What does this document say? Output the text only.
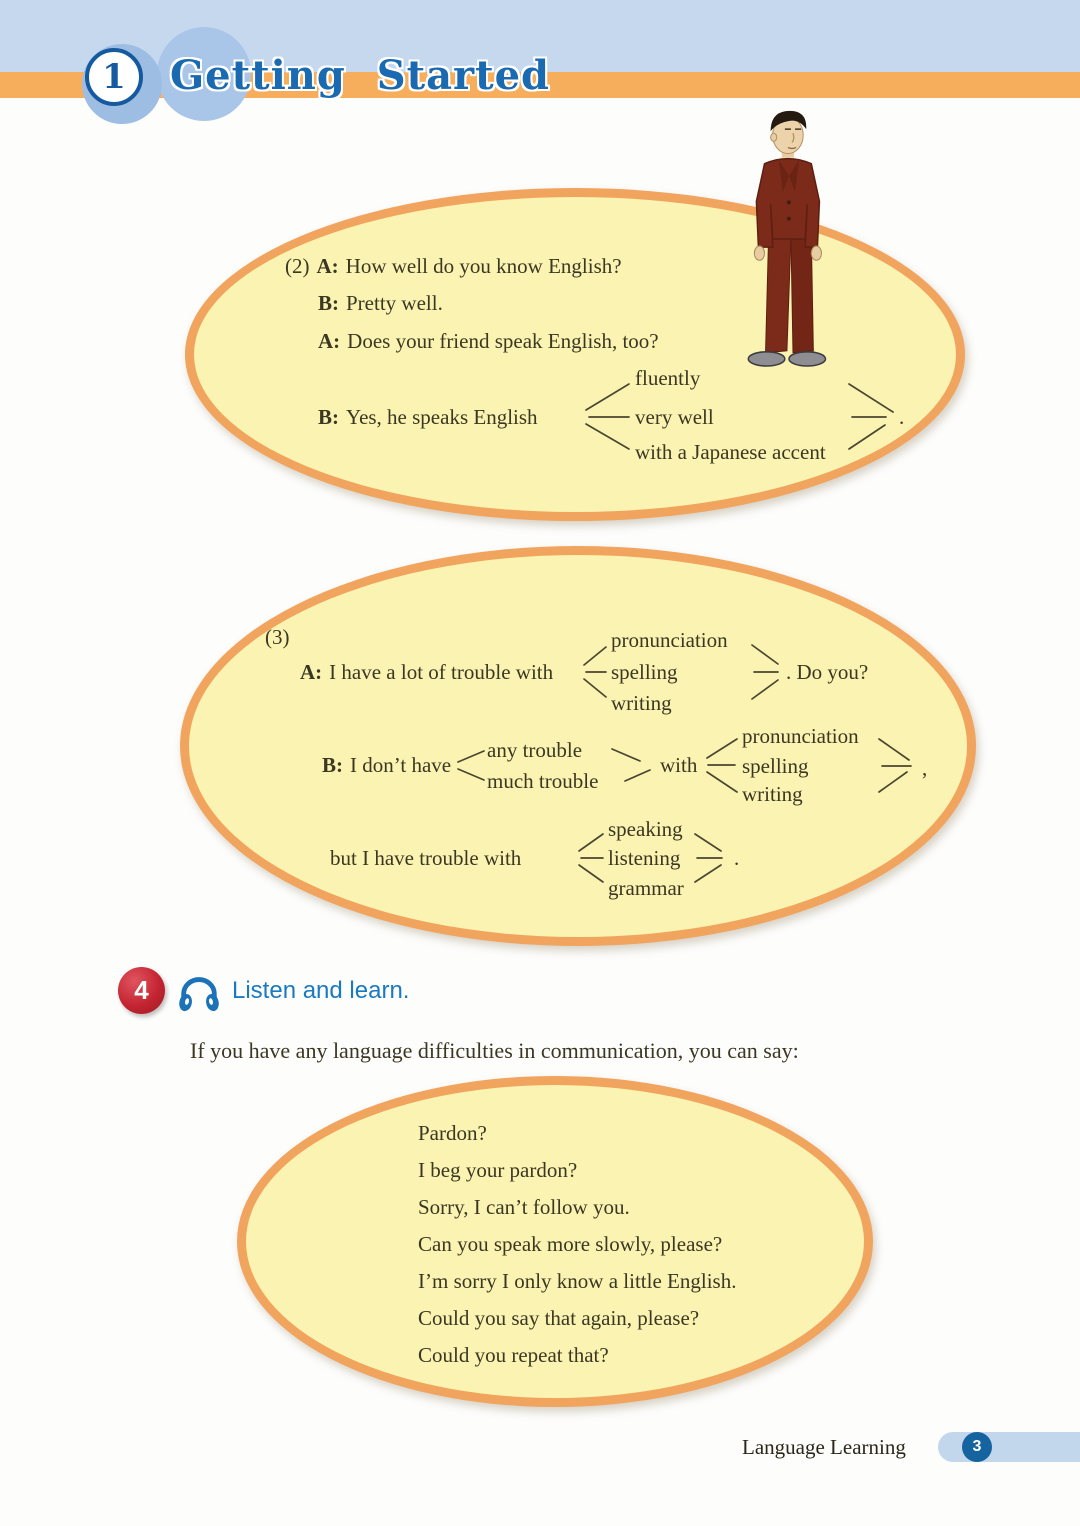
1 Getting Started
(2) A: How well do you know English?
B: Pretty well.
A: Does your friend speak English, too?
B: Yes, he speaks English
fluently
very well
with a Japanese accent
.
(3)
A: I have a lot of trouble with
pronunciation
spelling
writing
. Do you?
B: I don’t have
any trouble
much trouble
with
pronunciation
spelling
writing
,
but I have trouble with
speaking
listening
grammar
.
4	Listen and learn.
If you have any language difficulties in communication, you can say:
Pardon?
I beg your pardon?
Sorry, I can’t follow you.
Can you speak more slowly, please?
I’m sorry I only know a little English.
Could you say that again, please?
Could you repeat that?
Language Learning	3
